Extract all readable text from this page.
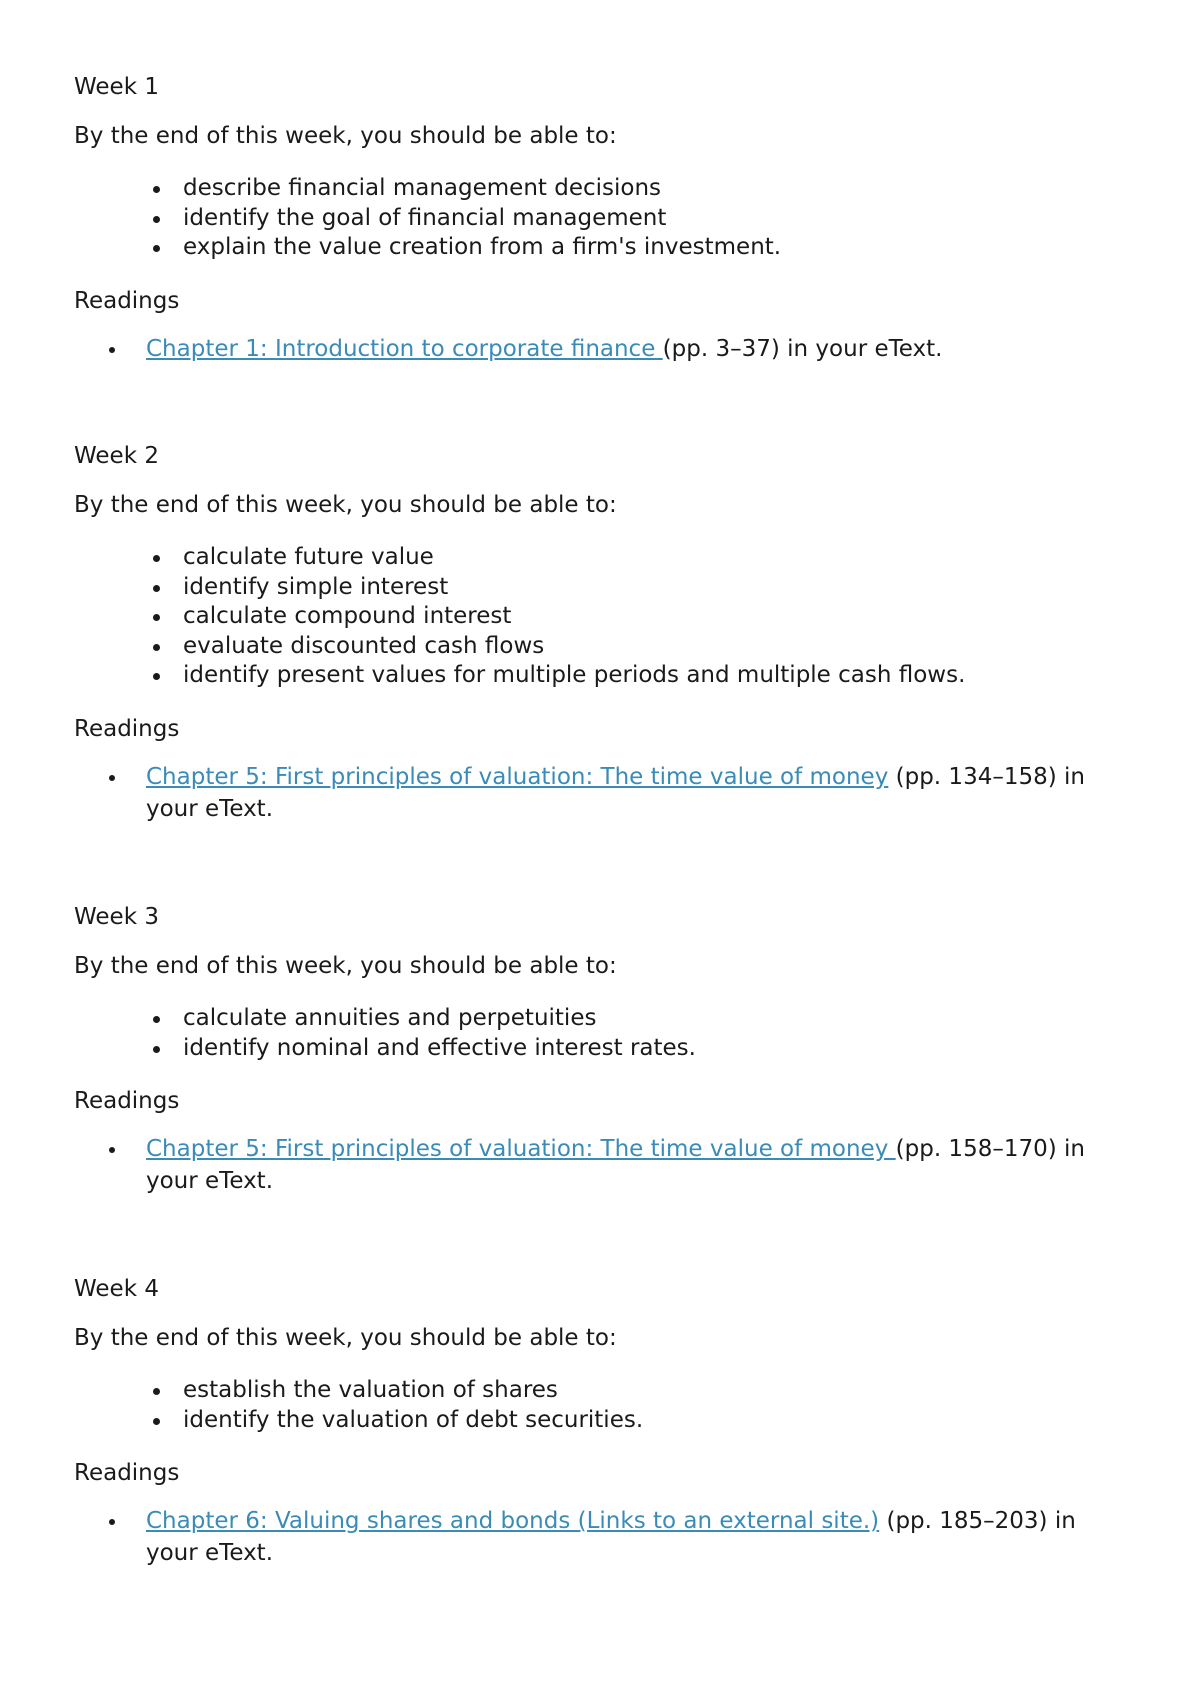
Week 1

By the end of this week, you should be able to:

describe financial management decisions
identify the goal of financial management
explain the value creation from a firm's investment.

Readings

Chapter 1: Introduction to corporate finance (pp. 3–37) in your eText.

Week 2

By the end of this week, you should be able to:

calculate future value
identify simple interest
calculate compound interest
evaluate discounted cash flows
identify present values for multiple periods and multiple cash flows.

Readings

Chapter 5: First principles of valuation: The time value of money (pp. 134–158) in your eText.

Week 3

By the end of this week, you should be able to:

calculate annuities and perpetuities
identify nominal and effective interest rates.

Readings

Chapter 5: First principles of valuation: The time value of money (pp. 158–170) in your eText.

Week 4

By the end of this week, you should be able to:

establish the valuation of shares
identify the valuation of debt securities.

Readings

Chapter 6: Valuing shares and bonds (Links to an external site.) (pp. 185–203) in your eText.
